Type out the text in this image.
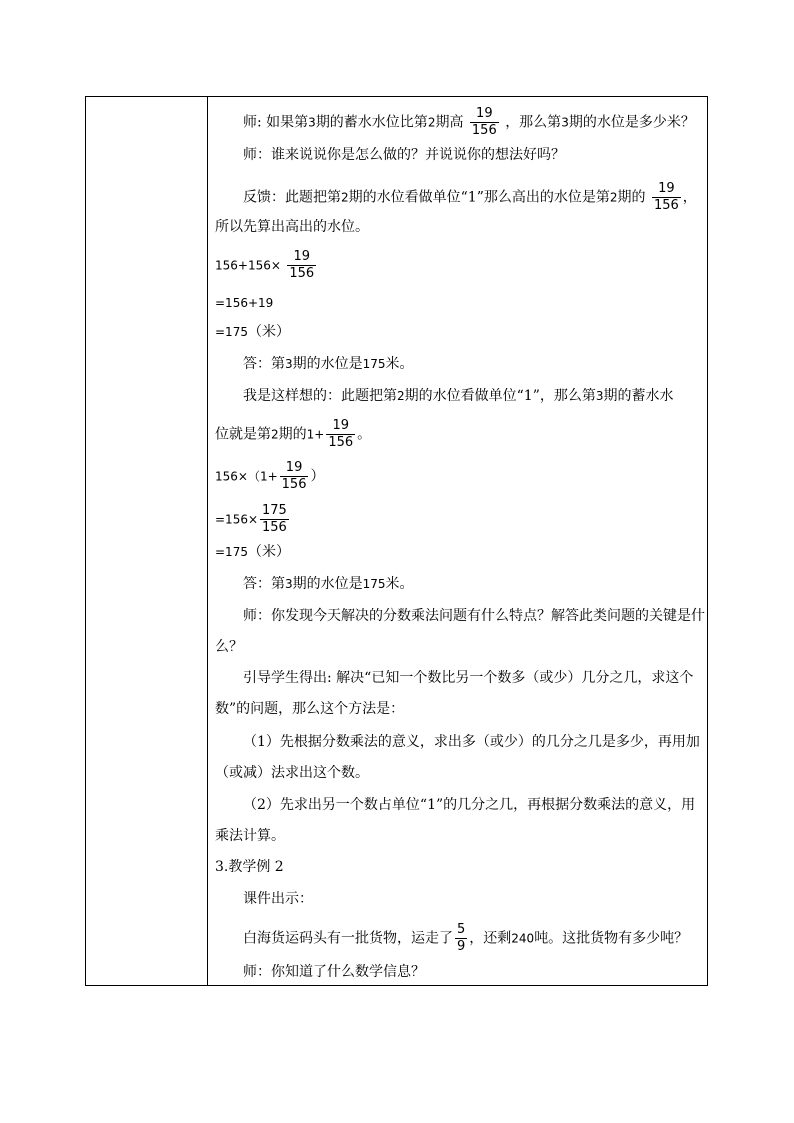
师: 如果第3期的蓄水水位比第2期高 $\frac{19}{156}$ ，那么第3期的水位是多少米？
师：谁来说说你是怎么做的？并说说你的想法好吗？
反馈：此题把第2期的水位看做单位“1”那么高出的水位是第2期的 $\frac{19}{156}$ ，
所以先算出高出的水位。
$156+156\times \frac{19}{156}$
=156+19
=175（米）
答：第3期的水位是175米。
我是这样想的：此题把第2期的水位看做单位“1”，那么第3期的蓄水水
位就是第2期的$1+ \frac{19}{156}$ 。
$156\times(1+ \frac{19}{156}$ ）
$=156\times \frac{175}{156}$
=175（米）
答：第3期的水位是175米。
师：你发现今天解决的分数乘法问题有什么特点？解答此类问题的关键是什
么？
引导学生得出: 解决“已知一个数比另一个数多（或少）几分之几，求这个
数”的问题，那么这个方法是：
（1）先根据分数乘法的意义，求出多（或少）的几分之几是多少，再用加
（或减）法求出这个数。
（2）先求出另一个数占单位“1”的几分之几，再根据分数乘法的意义，用
乘法计算。
3.教学例 2
课件出示：
白海货运码头有一批货物，运走了 $\frac{5}{9}$ ，还剩240吨。这批货物有多少吨？
师：你知道了什么数学信息？
